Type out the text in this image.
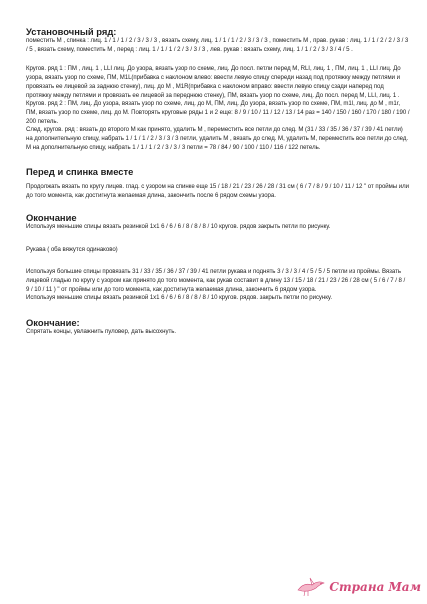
Установочный ряд:

поместить М , спинка : лиц. 1 / 1 / 1 / 2 / 3 / 3 / 3 , вязать схему, лиц. 1 / 1 / 1 / 2 / 3 / 3 / 3 , поместить М , прав. рукав : лиц. 1 / 1 / 2 / 2 / 3 / 3 / 5 , вязать схему, поместить М , перед : лиц. 1 / 1 / 1 / 2 / 3 / 3 / 3 , лев. рукав : вязать схему, лиц. 1 / 1 / 2 / 3 / 3 / 4 / 5 .

Кругов. ряд 1 : ПМ , лиц. 1 , LLI лиц. До узора, вязать узор по схеме, лиц. До посл. петли перед М, RLI, лиц. 1 , ПМ, лиц. 1 , LLI лиц. До узора, вязать узор по схеме, ПМ, M1L(прибавка с наклоном влево: ввести левую спицу спереди назад под протяжку между петлями и провязать ее лицевой за заднюю стенку), лиц. до М , M1R(прибавка с наклоном вправо: ввести левую спицу сзади наперед под протяжку между петлями и провязать ее лицевой за переднюю стенку), ПМ, вязать узор по схеме, лиц. До посл. перед М, LLI, лиц. 1 .

Кругов. ряд 2 : ПМ, лиц. До узора, вязать узор по схеме, лиц. до М, ПМ, лиц. До узора, вязать узор по схеме, ПМ, m1l, лиц. до М , m1r, ПМ, вязать узор по схеме, лиц. до М. Повторять круговые ряды 1 и 2 еще: 8 / 9 / 10 / 11 / 12 / 13 / 14 раз = 140 / 150 / 160 / 170 / 180 / 190 / 200 петель.

След. кругов. ряд : вязать до второго М как принято, удалить М , переместить все петли до след. М (31 / 33 / 35 / 36 / 37 / 39 / 41 петли) на дополнительную спицу, набрать 1 / 1 / 1 / 2 / 3 / 3 / 3 петли, удалить М , вязать до след. М, удалить М, переместить все петли до след. М на дополнительную спицу, набрать 1 / 1 / 1 / 2 / 3 / 3 / 3 петли = 78 / 84 / 90 / 100 / 110 / 116 / 122 петель.

Перед и спинка вместе

Продолжать вязать по кругу лицев. глад. с узором на спинке еще 15 / 18 / 21 / 23 / 26 / 28 / 31 см ( 6 / 7 / 8 / 9 / 10 / 11 / 12 " от проймы или до того момента, как достигнута желаемая длина, закончить после 6 рядом схемы узора.

Окончание

Используя меньшие спицы вязать резинкой 1х1 6 / 6 / 6 / 8 / 8 / 8 / 10 кругов. рядов закрыть петли по рисунку.

Рукава ( оба вяжутся одинаково)

Используя большие спицы провязать 31 / 33 / 35 / 36 / 37 / 39 / 41 петли рукава и поднять 3 / 3 / 3 / 4 / 5 / 5 / 5 петли из проймы. Вязать лицевой гладью по кругу с узором как принято до того момента, как рукав составит в длину 13 / 15 / 18 / 21 / 23 / 26 / 28 см ( 5 / 6 / 7 / 8 / 9 / 10 / 11 ) " от проймы или до того момента, как достигнута желаемая длина, закончить 6 рядом узора.

Используя меньшие спицы вязать резинкой 1х1 6 / 6 / 6 / 8 / 8 / 8 / 10 кругов. рядов. закрыть петли по рисунку.

Окончание:

Спрятать концы, увлажнить пуловер, дать высохнуть.

Страна Мам
